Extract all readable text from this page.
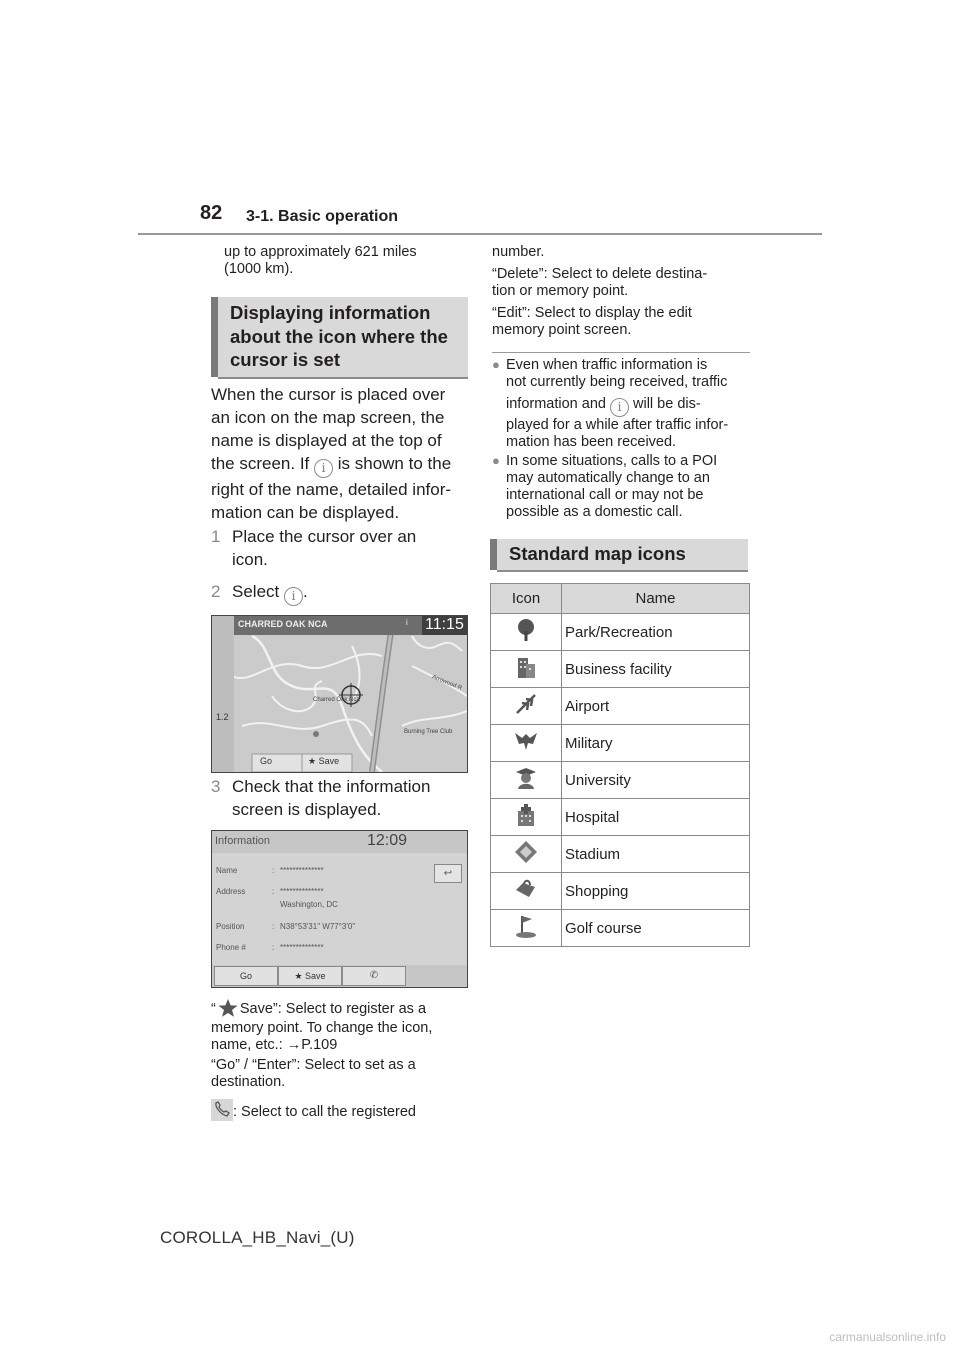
82 3-1. Basic operation
up to approximately 621 miles
(1000 km).
Displaying information
about the icon where the
cursor is set
When the cursor is placed over
an icon on the map screen, the
name is displayed at the top of
the screen. If i is shown to the
right of the name, detailed infor-
mation can be displayed.
1 Place the cursor over an
icon.
2 Select i .
CHARRED OAK NCA	i 11:15
1.2
Charred Oak Nca
Burning Tree Club
Arrowood R
Go	★ Save
3 Check that the information
screen is displayed.
Information	12:09
↩
Name	: **************
Address	: **************
Washington, DC
Position	: N38°53'31" W77°3'0"
Phone #	: **************
Go	★ Save	✆
“ Save”: Select to register as a
memory point. To change the icon,
name, etc.: →P.109
“Go” / “Enter”: Select to set as a
destination.
: Select to call the registered
number.
“Delete”: Select to delete destina-
tion or memory point.
“Edit”: Select to display the edit
memory point screen.
● Even when traffic information is
not currently being received, traffic
information and i will be dis-
played for a while after traffic infor-
mation has been received.
● In some situations, calls to a POI
may automatically change to an
international call or may not be
possible as a domestic call.
Standard map icons
Icon	Name
	Park/Recreation
	Business facility
	Airport
	Military
	University
	Hospital
	Stadium
	Shopping
	Golf course
COROLLA_HB_Navi_(U)
carmanualsonline.info
